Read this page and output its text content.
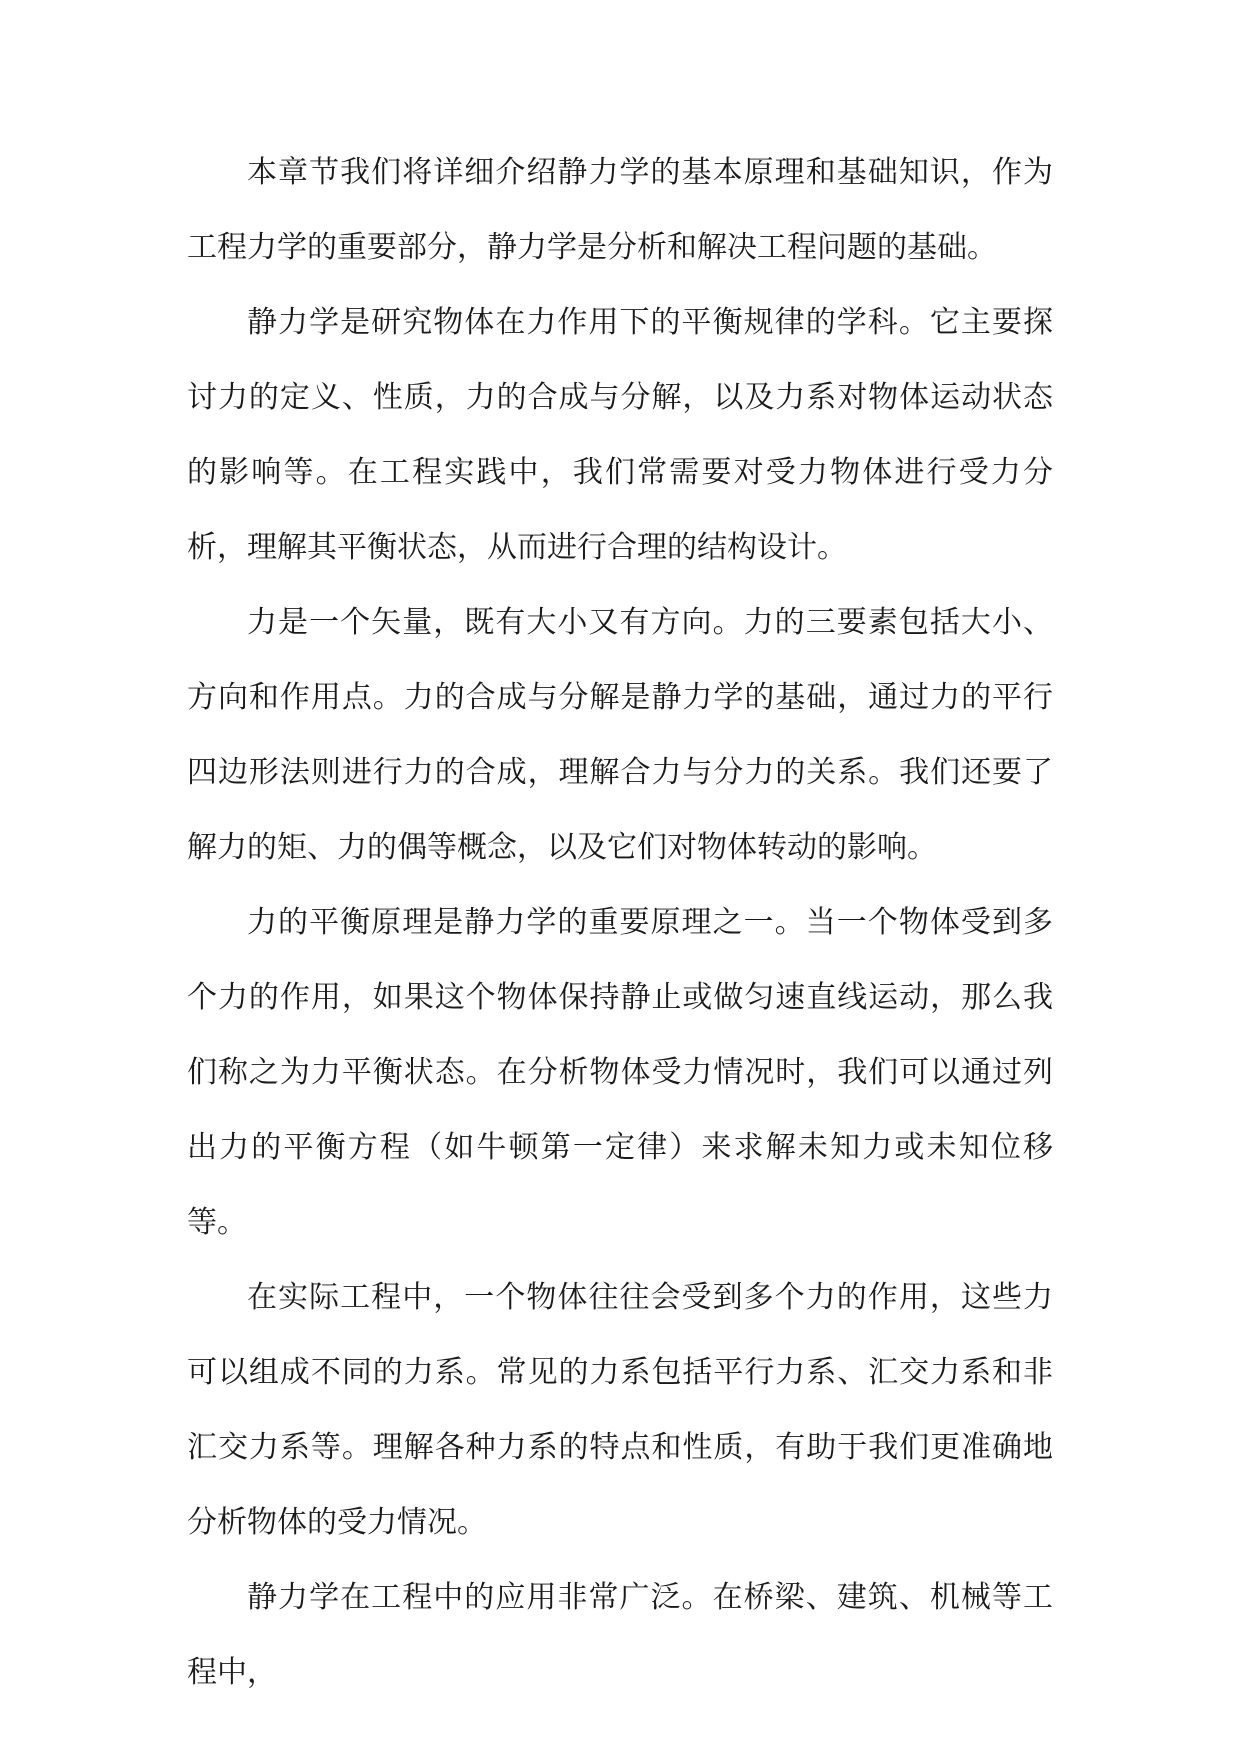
本章节我们将详细介绍静力学的基本原理和基础知识，作为工程力学的重要部分，静力学是分析和解决工程问题的基础。

静力学是研究物体在力作用下的平衡规律的学科。它主要探讨力的定义、性质，力的合成与分解，以及力系对物体运动状态的影响等。在工程实践中，我们常需要对受力物体进行受力分析，理解其平衡状态，从而进行合理的结构设计。

力是一个矢量，既有大小又有方向。力的三要素包括大小、方向和作用点。力的合成与分解是静力学的基础，通过力的平行四边形法则进行力的合成，理解合力与分力的关系。我们还要了解力的矩、力的偶等概念，以及它们对物体转动的影响。

力的平衡原理是静力学的重要原理之一。当一个物体受到多个力的作用，如果这个物体保持静止或做匀速直线运动，那么我们称之为力平衡状态。在分析物体受力情况时，我们可以通过列出力的平衡方程（如牛顿第一定律）来求解未知力或未知位移等。

在实际工程中，一个物体往往会受到多个力的作用，这些力可以组成不同的力系。常见的力系包括平行力系、汇交力系和非汇交力系等。理解各种力系的特点和性质，有助于我们更准确地分析物体的受力情况。

静力学在工程中的应用非常广泛。在桥梁、建筑、机械等工程中，
